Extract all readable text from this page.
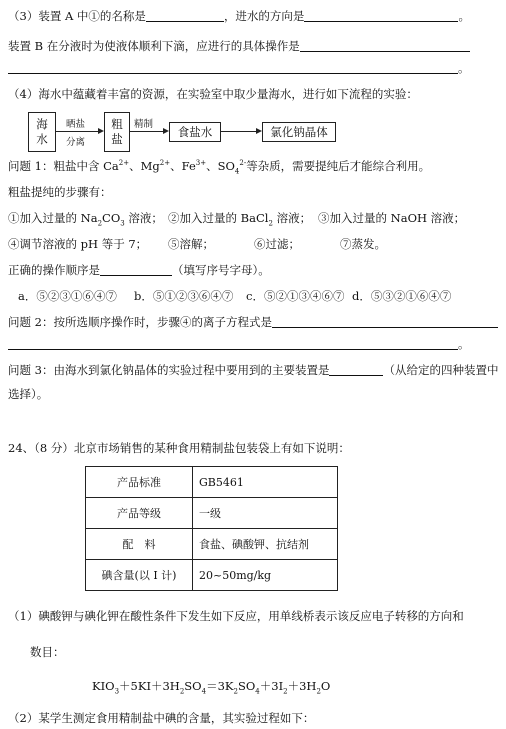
（3）装置 A 中①的名称是	，进水的方向是	。
装置 B 在分液时为使液体顺利下滴，应进行的具体操作是
。
（4）海水中蕴藏着丰富的资源，在实验室中取少量海水，进行如下流程的实验：
海
水
晒盐
分离
粗
盐
精制 食盐水	氯化钠晶体
问题 1：粗盐中含 $Ca^{2+}$、$Mg^{2+}$、$Fe^{3+}$、$SO_4^{2-}$等杂质，需要提纯后才能综合利用。
粗盐提纯的步骤有：
①加入过量的 $Na_2CO_3$ 溶液； ②加入过量的 BaCl$_2$ 溶液； ③加入过量的 NaOH 溶液；
④调节溶液的 pH 等于 7； ⑤溶解；	⑥过滤；	⑦蒸发。
正确的操作顺序是	（填写序号字母）。
a．⑤②③①⑥④⑦ b．⑤①②③⑥④⑦ c．⑤②①③④⑥⑦ d．⑤③②①⑥④⑦
问题 2：按所选顺序操作时，步骤④的离子方程式是
。
问题 3：由海水到氯化钠晶体的实验过程中要用到的主要装置是	（从给定的四种装置中
选择）。
24、（8 分）北京市场销售的某种食用精制盐包装袋上有如下说明：
产品标准	GB5461
产品等级	一级
配　料	食盐、碘酸钾、抗结剂
碘含量(以 I 计)	20~50mg/kg
（1）碘酸钾与碘化钾在酸性条件下发生如下反应，用单线桥表示该反应电子转移的方向和
数目：
$KIO_3+5KI+3H_2SO_4=3K_2SO_4+3I_2+3H_2O$
（2）某学生测定食用精制盐中碘的含量，其实验过程如下：
